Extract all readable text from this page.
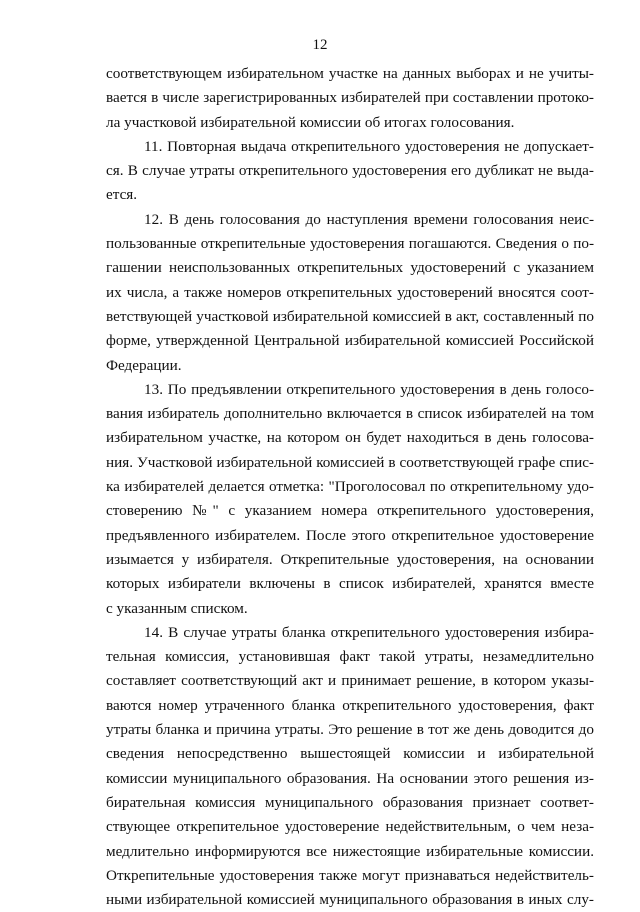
12

соответствующем избирательном участке на данных выборах и не учиты-

вается в числе зарегистрированных избирателей при составлении протоко-

ла участковой избирательной комиссии об итогах голосования.

11. Повторная выдача открепительного удостоверения не допускает-

ся. В случае утраты открепительного удостоверения его дубликат не выда-

ется.

12. В день голосования до наступления времени голосования неис-

пользованные открепительные удостоверения погашаются. Сведения о по-

гашении неиспользованных открепительных удостоверений с указанием

их числа, а также номеров открепительных удостоверений вносятся соот-

ветствующей участковой избирательной комиссией в акт, составленный по

форме, утвержденной Центральной избирательной комиссией Российской

Федерации.

13. По предъявлении открепительного удостоверения в день голосо-

вания избиратель дополнительно включается в список избирателей на том

избирательном участке, на котором он будет находиться в день голосова-

ния. Участковой избирательной комиссией в соответствующей графе спис-

ка избирателей делается отметка: "Проголосовал по открепительному удо-

стоверению №" с указанием номера открепительного удостоверения,

предъявленного избирателем. После этого открепительное удостоверение

изымается у избирателя. Открепительные удостоверения, на основании

которых избиратели включены в список избирателей, хранятся вместе

с указанным списком.

14. В случае утраты бланка открепительного удостоверения избира-

тельная комиссия, установившая факт такой утраты, незамедлительно

составляет соответствующий акт и принимает решение, в котором указы-

ваются номер утраченного бланка открепительного удостоверения, факт

утраты бланка и причина утраты. Это решение в тот же день доводится до

сведения непосредственно вышестоящей комиссии и избирательной

комиссии муниципального образования. На основании этого решения из-

бирательная комиссия муниципального образования признает соответ-

ствующее открепительное удостоверение недействительным, о чем неза-

медлительно информируются все нижестоящие избирательные комиссии.

Открепительные удостоверения также могут признаваться недействитель-

ными избирательной комиссией муниципального образования в иных слу-
